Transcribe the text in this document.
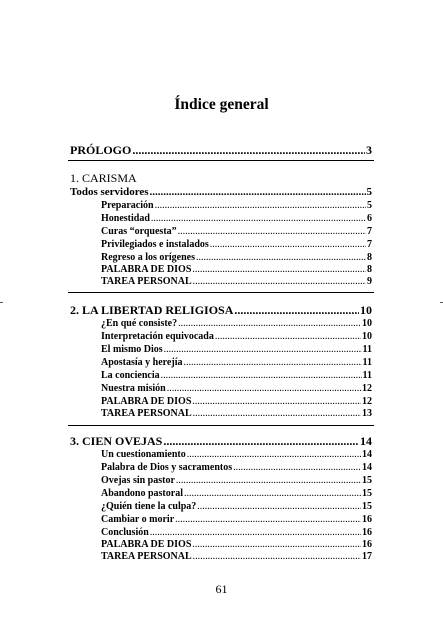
Índice general
PRÓLOGO .....	3
1. CARISMA
Todos servidores .....	5
Preparación .....	5
Honestidad .....	6
Curas “orquesta” .....	7
Privilegiados e instalados .....	7
Regreso a los orígenes .....	8
PALABRA DE DIOS .....	8
TAREA PERSONAL .....	9
2. LA LIBERTAD RELIGIOSA .....	10
¿En qué consiste? .....	10
Interpretación equivocada .....	10
El mismo Dios .....	11
Apostasía y herejía .....	11
La conciencia .....	11
Nuestra misión .....	12
PALABRA DE DIOS .....	12
TAREA PERSONAL .....	13
3. CIEN OVEJAS .....	14
Un cuestionamiento .....	14
Palabra de Dios y sacramentos .....	14
Ovejas sin pastor .....	15
Abandono pastoral .....	15
¿Quién tiene la culpa? .....	15
Cambiar o morir .....	16
Conclusión .....	16
PALABRA DE DIOS .....	16
TAREA PERSONAL .....	17
61
